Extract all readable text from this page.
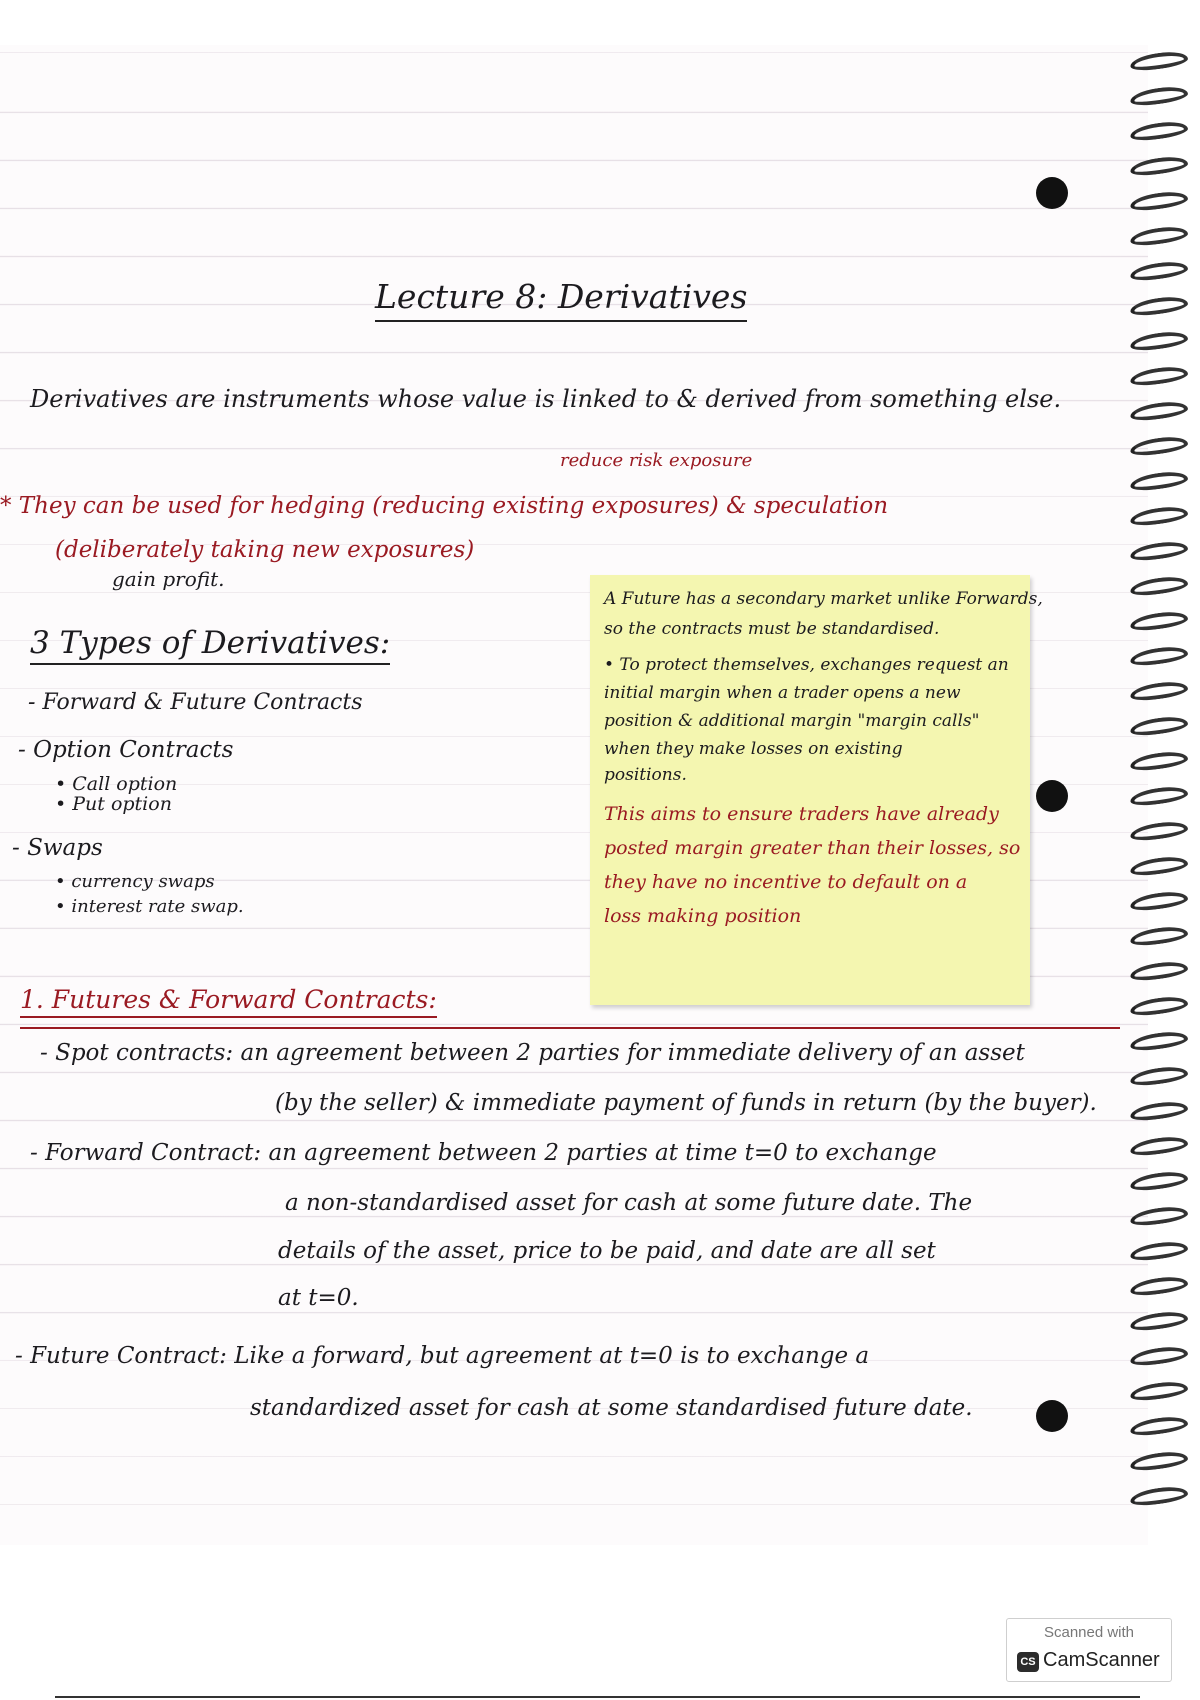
Lecture 8: Derivatives
Derivatives are instruments whose value is linked to & derived from something else.
reduce risk exposure
* They can be used for hedging (reducing existing exposures) & speculation
(deliberately taking new exposures)
gain profit.
3 Types of Derivatives:
- Forward & Future Contracts
- Option Contracts
• Call option
• Put option
- Swaps
• currency swaps
• interest rate swap.
A Future has a secondary market unlike Forwards,
so the contracts must be standardised.
• To protect themselves, exchanges request an
initial margin when a trader opens a new
position & additional margin "margin calls"
when they make losses on existing
positions.
This aims to ensure traders have already
posted margin greater than their losses, so
they have no incentive to default on a
loss making position
1. Futures & Forward Contracts:
- Spot contracts: an agreement between 2 parties for immediate delivery of an asset
(by the seller) & immediate payment of funds in return (by the buyer).
- Forward Contract: an agreement between 2 parties at time t=0 to exchange
a non-standardised asset for cash at some future date. The
details of the asset, price to be paid, and date are all set
at t=0.
- Future Contract: Like a forward, but agreement at t=0 is to exchange a
standardized asset for cash at some standardised future date.
Scanned with
CS CamScanner
